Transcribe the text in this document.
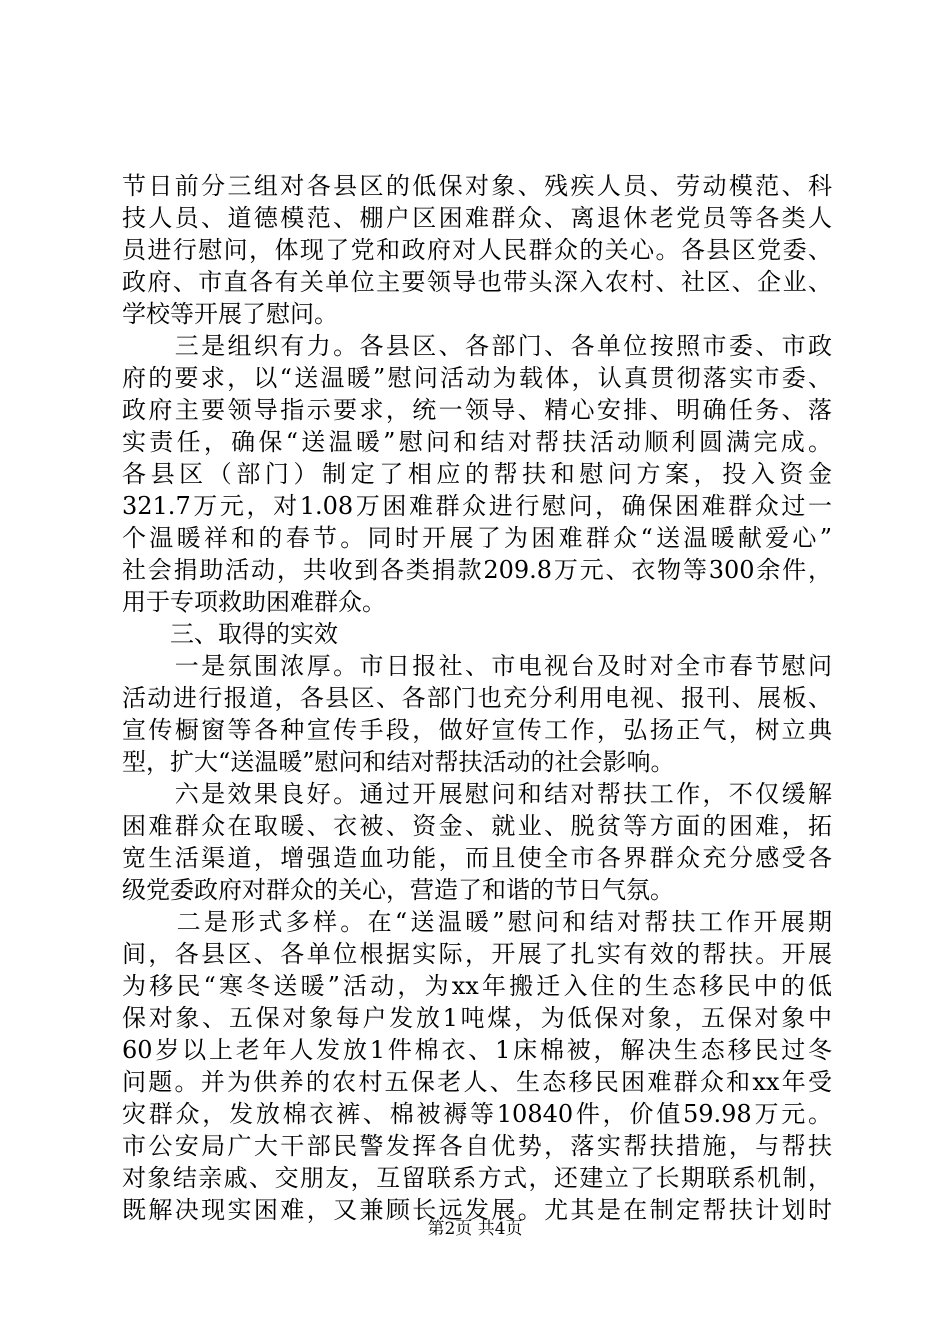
节日前分三组对各县区的低保对象、残疾人员、劳动模范、科
技人员、道德模范、棚户区困难群众、离退休老党员等各类人
员进行慰问，体现了党和政府对人民群众的关心。各县区党委、
政府、市直各有关单位主要领导也带头深入农村、社区、企业、
学校等开展了慰问。
　　三是组织有力。各县区、各部门、各单位按照市委、市政
府的要求，以“送温暖”慰问活动为载体，认真贯彻落实市委、
政府主要领导指示要求，统一领导、精心安排、明确任务、落
实责任，确保“送温暖”慰问和结对帮扶活动顺利圆满完成。
各县区（部门）制定了相应的帮扶和慰问方案，投入资金
321.7万元，对1.08万困难群众进行慰问，确保困难群众过一
个温暖祥和的春节。同时开展了为困难群众“送温暖献爱心”
社会捐助活动，共收到各类捐款209.8万元、衣物等300余件，
用于专项救助困难群众。
　　三、取得的实效
　　一是氛围浓厚。市日报社、市电视台及时对全市春节慰问
活动进行报道，各县区、各部门也充分利用电视、报刊、展板、
宣传橱窗等各种宣传手段，做好宣传工作，弘扬正气，树立典
型，扩大“送温暖”慰问和结对帮扶活动的社会影响。
　　六是效果良好。通过开展慰问和结对帮扶工作，不仅缓解
困难群众在取暖、衣被、资金、就业、脱贫等方面的困难，拓
宽生活渠道，增强造血功能，而且使全市各界群众充分感受各
级党委政府对群众的关心，营造了和谐的节日气氛。
　　二是形式多样。在“送温暖”慰问和结对帮扶工作开展期
间，各县区、各单位根据实际，开展了扎实有效的帮扶。开展
为移民“寒冬送暖”活动，为xx年搬迁入住的生态移民中的低
保对象、五保对象每户发放1吨煤，为低保对象，五保对象中
60岁以上老年人发放1件棉衣、1床棉被，解决生态移民过冬
问题。并为供养的农村五保老人、生态移民困难群众和xx年受
灾群众，发放棉衣裤、棉被褥等10840件，价值59.98万元。
市公安局广大干部民警发挥各自优势，落实帮扶措施，与帮扶
对象结亲戚、交朋友，互留联系方式，还建立了长期联系机制，
既解决现实困难，又兼顾长远发展。尤其是在制定帮扶计划时
第2页 共4页
